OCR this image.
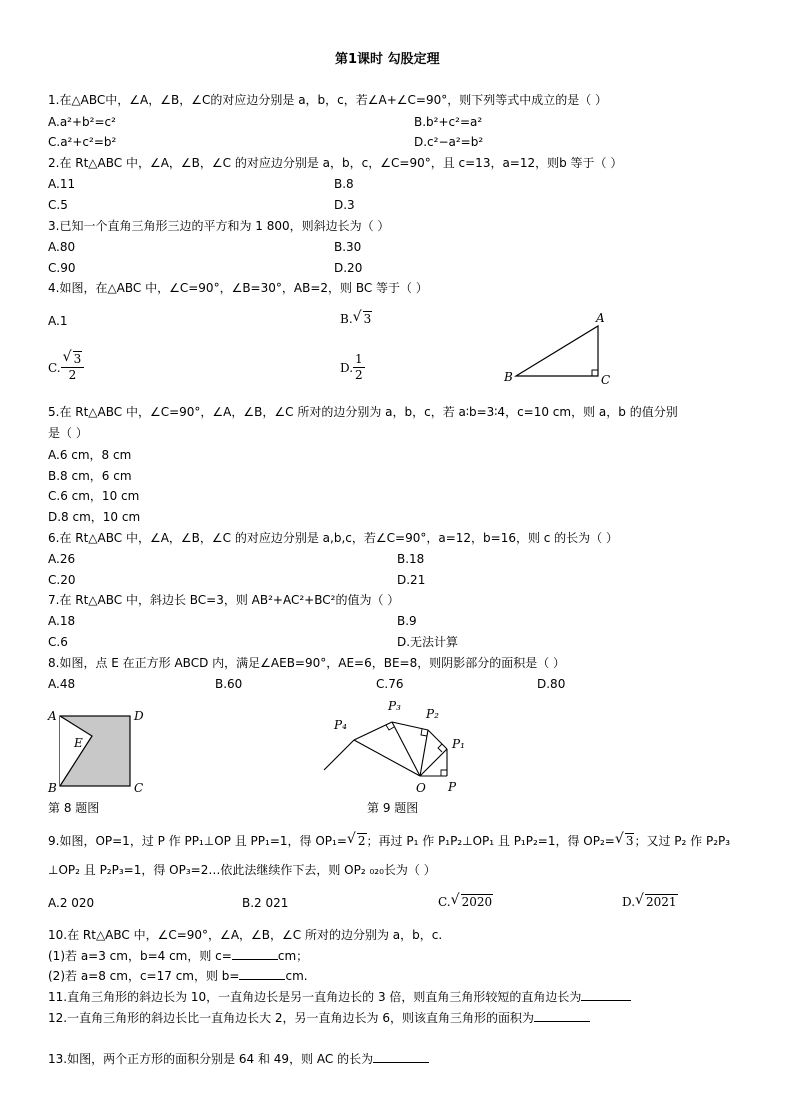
第1课时 勾股定理
1.在△ABC中，∠A，∠B，∠C的对应边分别是 a，b，c，若∠A+∠C=90°，则下列等式中成立的是（ ）
A.a²+b²=c²	B.b²+c²=a²
C.a²+c²=b²	D.c²−a²=b²
2.在 Rt△ABC 中，∠A，∠B，∠C 的对应边分别是 a，b，c，∠C=90°，且 c=13，a=12，则b 等于（ ）
A.11	B.8
C.5	D.3
3.已知一个直角三角形三边的平方和为 1 800，则斜边长为（ ）
A.80	B.30
C.90	D.20
4.如图，在△ABC 中，∠C=90°，∠B=30°，AB=2，则 BC 等于（ ）
A.1	B. √ 3
C. √ $\frac{3}{2}$	D. $\frac{1}{2}$
A
B	C
5.在 Rt△ABC 中，∠C=90°，∠A，∠B，∠C 所对的边分别为 a，b，c，若 a∶b=3∶4，c=10 cm，则 a，b 的值分别
是（ ）
A.6 cm，8 cm
B.8 cm，6 cm
C.6 cm，10 cm
D.8 cm，10 cm
6.在 Rt△ABC 中，∠A，∠B，∠C 的对应边分别是 a,b,c，若∠C=90°，a=12，b=16，则 c 的长为（ ）
A.26	B.18
C.20	D.21
7.在 Rt△ABC 中，斜边长 BC=3，则 AB²+AC²+BC²的值为（ ）
A.18	B.9
C.6	D.无法计算
8.如图，点 E 在正方形 ABCD 内，满足∠AEB=90°，AE=6，BE=8，则阴影部分的面积是（ ）
A.48	B.60	C.76	D.80
A	D
E
B	C
第 8 题图
O P
P₁
P₂
P₃
P₄
第 9 题图
9.如图，OP=1，过 P 作 PP₁⊥OP 且 PP₁=1，得 OP₁= √ 2；再过 P₁ 作 P₁P₂⊥OP₁ 且 P₁P₂=1，得 OP₂= √ 3；又过 P₂ 作 P₂P₃
⊥OP₂ 且 P₂P₃=1，得 OP₃=2…依此法继续作下去，则 OP₂ ₀₂₀长为（ ）
A.2 020	B.2 021	C. √ 2020	D. √ 2021
10.在 Rt△ABC 中，∠C=90°，∠A，∠B，∠C 所对的边分别为 a，b，c.
(1)若 a=3 cm，b=4 cm，则 c=	cm；
(2)若 a=8 cm，c=17 cm，则 b=	cm.
11.直角三角形的斜边长为 10，一直角边长是另一直角边长的 3 倍，则直角三角形较短的直角边长为
12.一直角三角形的斜边长比一直角边长大 2，另一直角边长为 6，则该直角三角形的面积为
13.如图，两个正方形的面积分别是 64 和 49，则 AC 的长为
